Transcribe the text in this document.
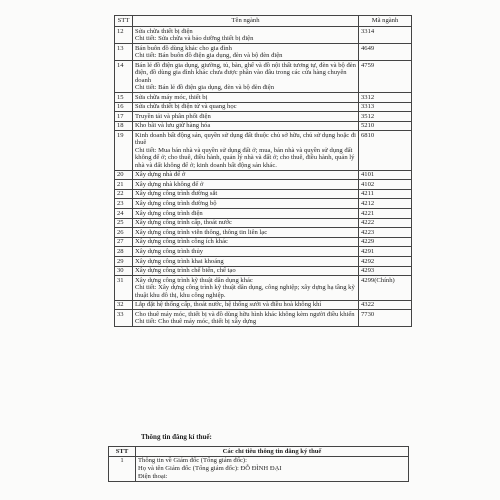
STT	Tên ngành	Mã ngành
12	Sửa chữa thiết bị điện
Chi tiết: Sửa chữa và bảo dưỡng thiết bị điện	3314
13	Bán buôn đồ dùng khác cho gia đình
Chi tiết: Bán buôn đồ điện gia dụng, đèn và bộ đèn điện	4649
14	Bán lẻ đồ điện gia dụng, giường, tủ, bàn, ghế và đồ nội thất tương tự, đèn và bộ đèn điện, đồ dùng gia đình khác chưa được phân vào đâu trong các cửa hàng chuyên doanh
Chi tiết: Bán lẻ đồ điện gia dụng, đèn và bộ đèn điện	4759
15	Sửa chữa máy móc, thiết bị	3312
16	Sửa chữa thiết bị điện tử và quang học	3313
17	Truyền tải và phân phối điện	3512
18	Kho bãi và lưu giữ hàng hóa	5210
19	Kinh doanh bất động sản, quyền sử dụng đất thuộc chủ sở hữu, chủ sử dụng hoặc đi thuê
Chi tiết: Mua bán nhà và quyền sử dụng đất ở; mua, bán nhà và quyền sử dụng đất không để ở; cho thuê, điều hành, quản lý nhà và đất ở; cho thuê, điều hành, quản lý nhà và đất không để ở; kinh doanh bất động sản khác.	6810
20	Xây dựng nhà để ở	4101
21	Xây dựng nhà không để ở	4102
22	Xây dựng công trình đường sắt	4211
23	Xây dựng công trình đường bộ	4212
24	Xây dựng công trình điện	4221
25	Xây dựng công trình cấp, thoát nước	4222
26	Xây dựng công trình viễn thông, thông tin liên lạc	4223
27	Xây dựng công trình công ích khác	4229
28	Xây dựng công trình thủy	4291
29	Xây dựng công trình khai khoáng	4292
30	Xây dựng công trình chế biến, chế tạo	4293
31	Xây dựng công trình kỹ thuật dân dụng khác
Chi tiết: Xây dựng công trình kỹ thuật dân dụng, công nghiệp; xây dựng hạ tầng kỹ thuật khu đô thị, khu công nghiệp.	4299(Chính)
32	Lắp đặt hệ thống cấp, thoát nước, hệ thống sưởi và điều hoà không khí	4322
33	Cho thuê máy móc, thiết bị và đồ dùng hữu hình khác không kèm người điều khiển
Chi tiết: Cho thuê máy móc, thiết bị xây dựng	7730
Thông tin đăng kí thuế:
STT	Các chỉ tiêu thông tin đăng ký thuế
1	Thông tin về Giám đốc (Tổng giám đốc):
Họ và tên Giám đốc (Tổng giám đốc): ĐỖ ĐÌNH ĐẠI
Điện thoại:
